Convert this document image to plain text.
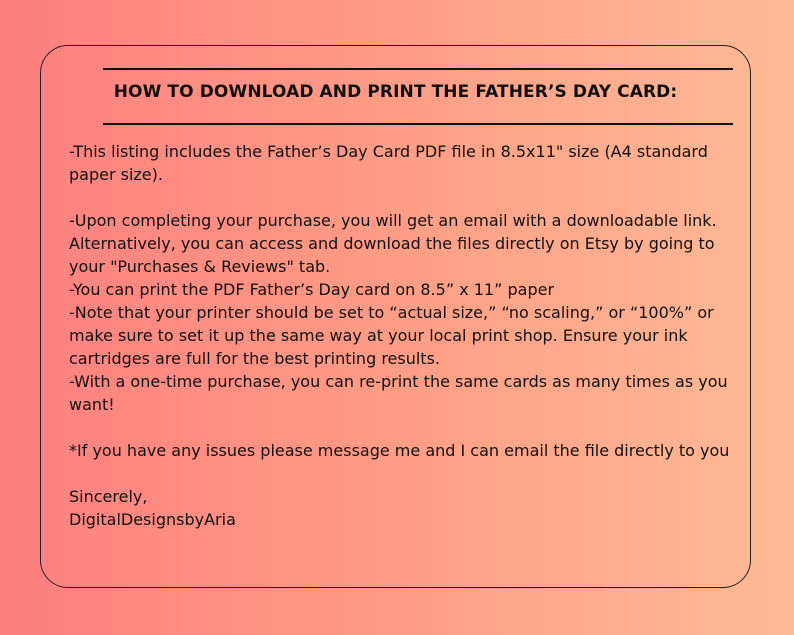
HOW TO DOWNLOAD AND PRINT THE FATHER’S DAY CARD:

-This listing includes the Father’s Day Card PDF file in 8.5x11" size (A4 standard paper size).

-Upon completing your purchase, you will get an email with a downloadable link. Alternatively, you can access and download the files directly on Etsy by going to your "Purchases & Reviews" tab.

-You can print the PDF Father’s Day card on 8.5” x 11” paper

-Note that your printer should be set to “actual size,” “no scaling,” or “100%” or make sure to set it up the same way at your local print shop. Ensure your ink cartridges are full for the best printing results.

-With a one-time purchase, you can re-print the same cards as many times as you want!

*If you have any issues please message me and I can email the file directly to you

Sincerely,

DigitalDesignsbyAria
